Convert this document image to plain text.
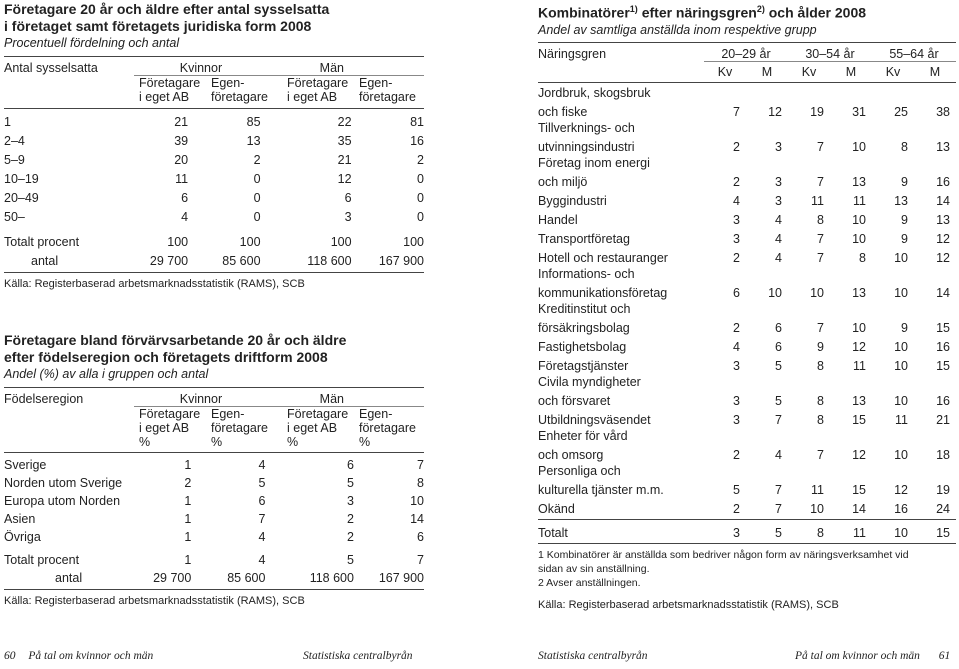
Företagare 20 år och äldre efter antal sysselsatta
i företaget samt företagets juridiska form 2008
Procentuell fördelning och antal
Antal sysselsatta	Kvinnor	Män
	Företagare	Egen-	Företagare	Egen-
	i eget AB	företagare	i eget AB	företagare
1	21	85	22	81
2–4	39	13	35	16
5–9	20	2	21	2
10–19	11	0	12	0
20–49	6	0	6	0
50–	4	0	3	0

Totalt procent	100	100	100	100
antal	29 700	85 600	118 600	167 900
Källa: Registerbaserad arbetsmarknadsstatistik (RAMS), SCB
Företagare bland förvärvsarbetande 20 år och äldre
efter födelseregion och företagets driftform 2008
Andel (%) av alla i gruppen och antal
Födelseregion	Kvinnor	Män
	Företagare	Egen-	Företagare	Egen-
	i eget AB	företagare	i eget AB	företagare
	%	%	%	%
Sverige	1	4	6	7
Norden utom Sverige	2	5	5	8
Europa utom Norden	1	6	3	10
Asien	1	7	2	14
Övriga	1	4	2	6

Totalt procent	1	4	5	7
antal	29 700	85 600	118 600	167 900
Källa: Registerbaserad arbetsmarknadsstatistik (RAMS), SCB
60 På tal om kvinnor och män	Statistiska centralbyrån
Kombinatörer$^{1)}$ efter näringsgren$^{2)}$ och ålder 2008
Andel av samtliga anställda inom respektive grupp
Näringsgren	20–29 år	30–54 år	55–64 år
	Kv	M	Kv	M	Kv	M
Jordbruk, skogsbruk
och fiske	7	12	19	31	25	38
Tillverknings- och
utvinningsindustri	2	3	7	10	8	13
Företag inom energi
och miljö	2	3	7	13	9	16
Byggindustri	4	3	11	11	13	14
Handel	3	4	8	10	9	13
Transportföretag	3	4	7	10	9	12
Hotell och restauranger	2	4	7	8	10	12
Informations- och
kommunikationsföretag	6	10	10	13	10	14
Kreditinstitut och
försäkringsbolag	2	6	7	10	9	15
Fastighetsbolag	4	6	9	12	10	16
Företagstjänster	3	5	8	11	10	15
Civila myndigheter
och försvaret	3	5	8	13	10	16
Utbildningsväsendet	3	7	8	15	11	21
Enheter för vård
och omsorg	2	4	7	12	10	18
Personliga och
kulturella tjänster m.m.	5	7	11	15	12	19
Okänd	2	7	10	14	16	24
Totalt	3	5	8	11	10	15
1 Kombinatörer är anställda som bedriver någon form av näringsverksamhet vid
sidan av sin anställning.
2 Avser anställningen.
Källa: Registerbaserad arbetsmarknadsstatistik (RAMS), SCB
Statistiska centralbyrån	På tal om kvinnor och män 61
